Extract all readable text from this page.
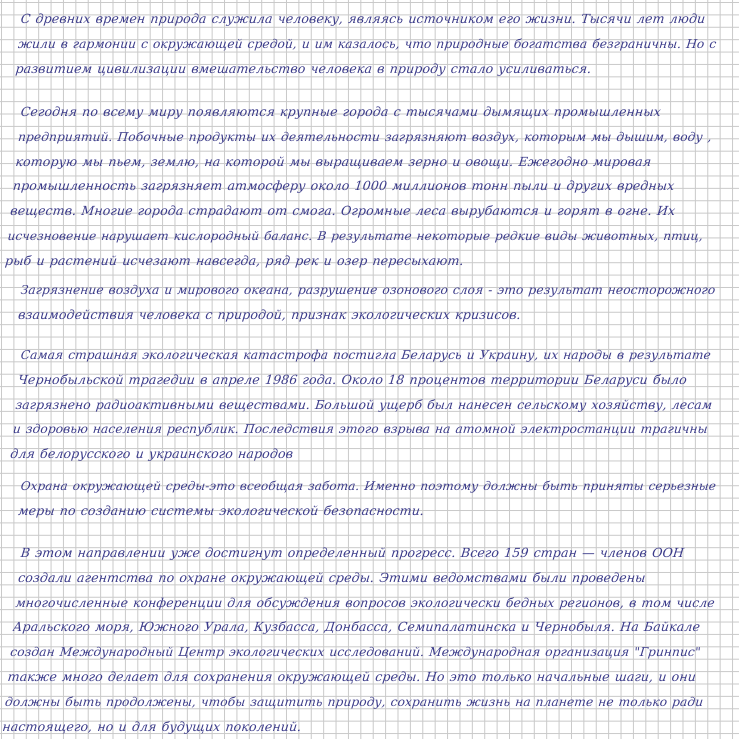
С древних времен природа служила человеку, являясь источником его жизни. Тысячи лет люди
жили в гармонии с окружающей средой, и им казалось, что природные богатства безграничны. Но с
развитием цивилизации вмешательство человека в природу стало усиливаться.
Сегодня по всему миру появляются крупные города с тысячами дымящих промышленных
предприятий. Побочные продукты их деятельности загрязняют воздух, которым мы дышим, воду ,
которую мы пьем, землю, на которой мы выращиваем зерно и овощи. Ежегодно мировая
промышленность загрязняет атмосферу около 1000 миллионов тонн пыли и других вредных
веществ. Многие города страдают от смога. Огромные леса вырубаются и горят в огне. Их
исчезновение нарушает кислородный баланс. В результате некоторые редкие виды животных, птиц,
рыб и растений исчезают навсегда, ряд рек и озер пересыхают.
Загрязнение воздуха и мирового океана, разрушение озонового слоя - это результат неосторожного
взаимодействия человека с природой, признак экологических кризисов.
Самая страшная экологическая катастрофа постигла Беларусь и Украину, их народы в результате
Чернобыльской трагедии в апреле 1986 года. Около 18 процентов территории Беларуси было
загрязнено радиоактивными веществами. Большой ущерб был нанесен сельскому хозяйству, лесам
и здоровью населения республик. Последствия этого взрыва на атомной электростанции трагичны
для белорусского и украинского народов
Охрана окружающей среды-это всеобщая забота. Именно поэтому должны быть приняты серьезные
меры по созданию системы экологической безопасности.
В этом направлении уже достигнут определенный прогресс. Всего 159 стран — членов ООН
создали агентства по охране окружающей среды. Этими ведомствами были проведены
многочисленные конференции для обсуждения вопросов экологически бедных регионов, в том числе
Аральского моря, Южного Урала, Кузбасса, Донбасса, Семипалатинска и Чернобыля. На Байкале
создан Международный Центр экологических исследований. Международная организация "Гринпис"
также много делает для сохранения окружающей среды. Но это только начальные шаги, и они
должны быть продолжены, чтобы защитить природу, сохранить жизнь на планете не только ради
настоящего, но и для будущих поколений.
